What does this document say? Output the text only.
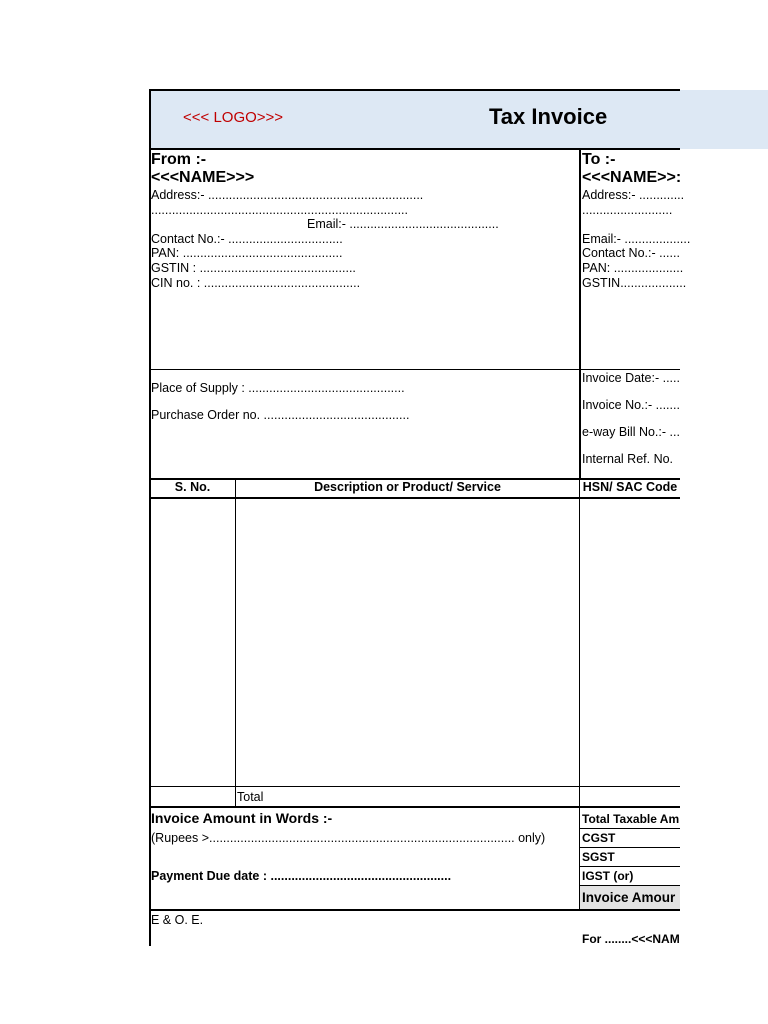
<<< LOGO>>>	Tax Invoice
From :-
<<<NAME>>>
Address:- ..............................................................
..........................................................................
Email:- ...........................................
Contact No.:- .................................
PAN: ..............................................
GSTIN : .............................................
CIN no. : .............................................
To :-
<<<NAME>>:
Address:- .............
..........................
Email:- ...................
Contact No.:- ......
PAN: ....................
GSTIN...................
Place of Supply : .............................................
Purchase Order no. ..........................................
Invoice Date:- .....
Invoice No.:- .......
e-way Bill No.:- ...
Internal Ref. No.
S. No.	Description or Product/ Service	HSN/ SAC Code
Total
Invoice Amount in Words :-
(Rupees >........................................................................................ only)
Payment Due date : ....................................................
Total Taxable Am
CGST
SGST
IGST (or)
Invoice Amour
E & O. E.
For ........<<<NAM
